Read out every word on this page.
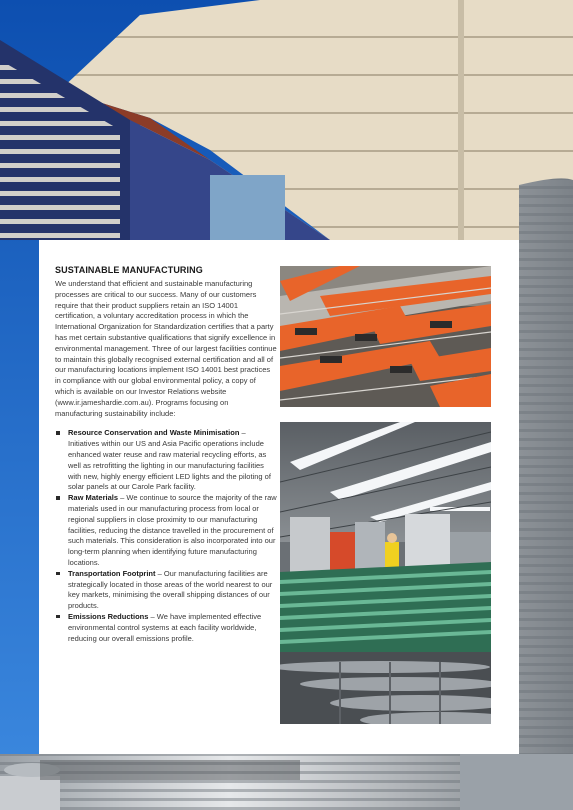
SUSTAINABLE MANUFACTURING

We understand that efficient and sustainable manufacturing processes are critical to our success. Many of our customers require that their product suppliers retain an ISO 14001 certification, a voluntary accreditation process in which the International Organization for Standardization certifies that a party has met certain substantive qualifications that signify excellence in environmental management. Three of our largest facilities continue to maintain this globally recognised external certification and all of our manufacturing locations implement ISO 14001 best practices in compliance with our global environmental policy, a copy of which is available on our Investor Relations website (www.ir.jameshardie.com.au). Programs focusing on manufacturing sustainability include:

Resource Conservation and Waste Minimisation – Initiatives within our US and Asia Pacific operations include enhanced water reuse and raw material recycling efforts, as well as retrofitting the lighting in our manufacturing facilities with new, highly energy efficient LED lights and the piloting of solar panels at our Carole Park facility.
Raw Materials – We continue to source the majority of the raw materials used in our manufacturing process from local or regional suppliers in close proximity to our manufacturing facilities, reducing the distance travelled in the procurement of such materials. This consideration is also incorporated into our long-term planning when identifying future manufacturing locations.
Transportation Footprint – Our manufacturing facilities are strategically located in those areas of the world nearest to our key markets, minimising the overall shipping distances of our products.
Emissions Reductions – We have implemented effective environmental control systems at each facility worldwide, reducing our overall emissions profile.
